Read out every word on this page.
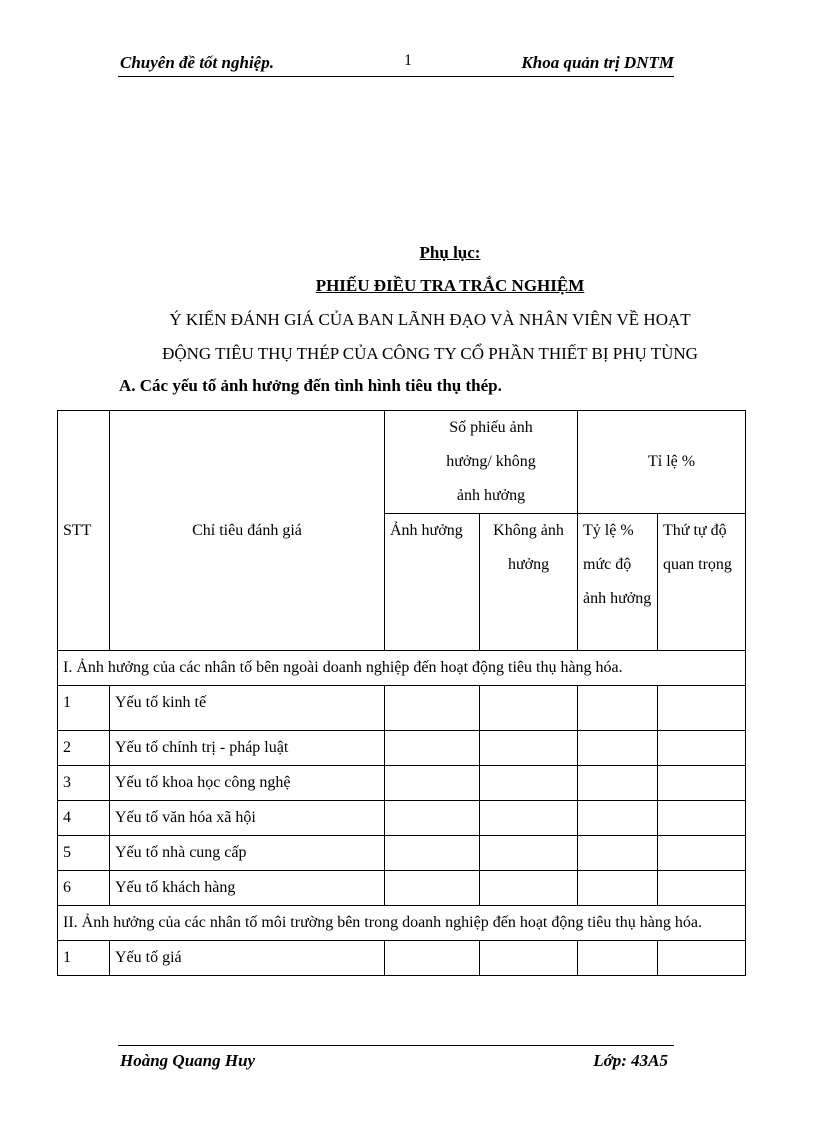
Chuyên đề tốt nghiệp.	1	Khoa quản trị DNTM
Phụ lục:
PHIẾU ĐIỀU TRA TRẮC NGHIỆM
Ý KIẾN ĐÁNH GIÁ CỦA BAN LÃNH ĐẠO VÀ NHÂN VIÊN VỀ HOẠT
ĐỘNG TIÊU THỤ THÉP CỦA CÔNG TY CỔ PHẦN THIẾT BỊ PHỤ TÙNG
A. Các yếu tố ảnh hưởng đến tình hình tiêu thụ thép.
STT	Chỉ tiêu đánh giá	Số phiếu ảnh hưởng/ không ảnh hưởng		Tỉ lệ %	
		Ảnh hưởng	Không ảnh hưởng	Tỷ lệ % mức độ ảnh hưởng	Thứ tự độ quan trọng
I. Ảnh hưởng của các nhân tố bên ngoài doanh nghiệp đến hoạt động tiêu thụ hàng hóa.					
1	Yếu tố kinh tế				
2	Yếu tố chính trị - pháp luật				
3	Yếu tố khoa học công nghệ				
4	Yếu tố văn hóa xã hội				
5	Yếu tố nhà cung cấp				
6	Yếu tố khách hàng				
II. Ảnh hưởng của các nhân tố môi trường bên trong doanh nghiệp đến hoạt động tiêu thụ hàng hóa.					
1	Yếu tố giá				
Hoàng Quang Huy	Lớp: 43A5
